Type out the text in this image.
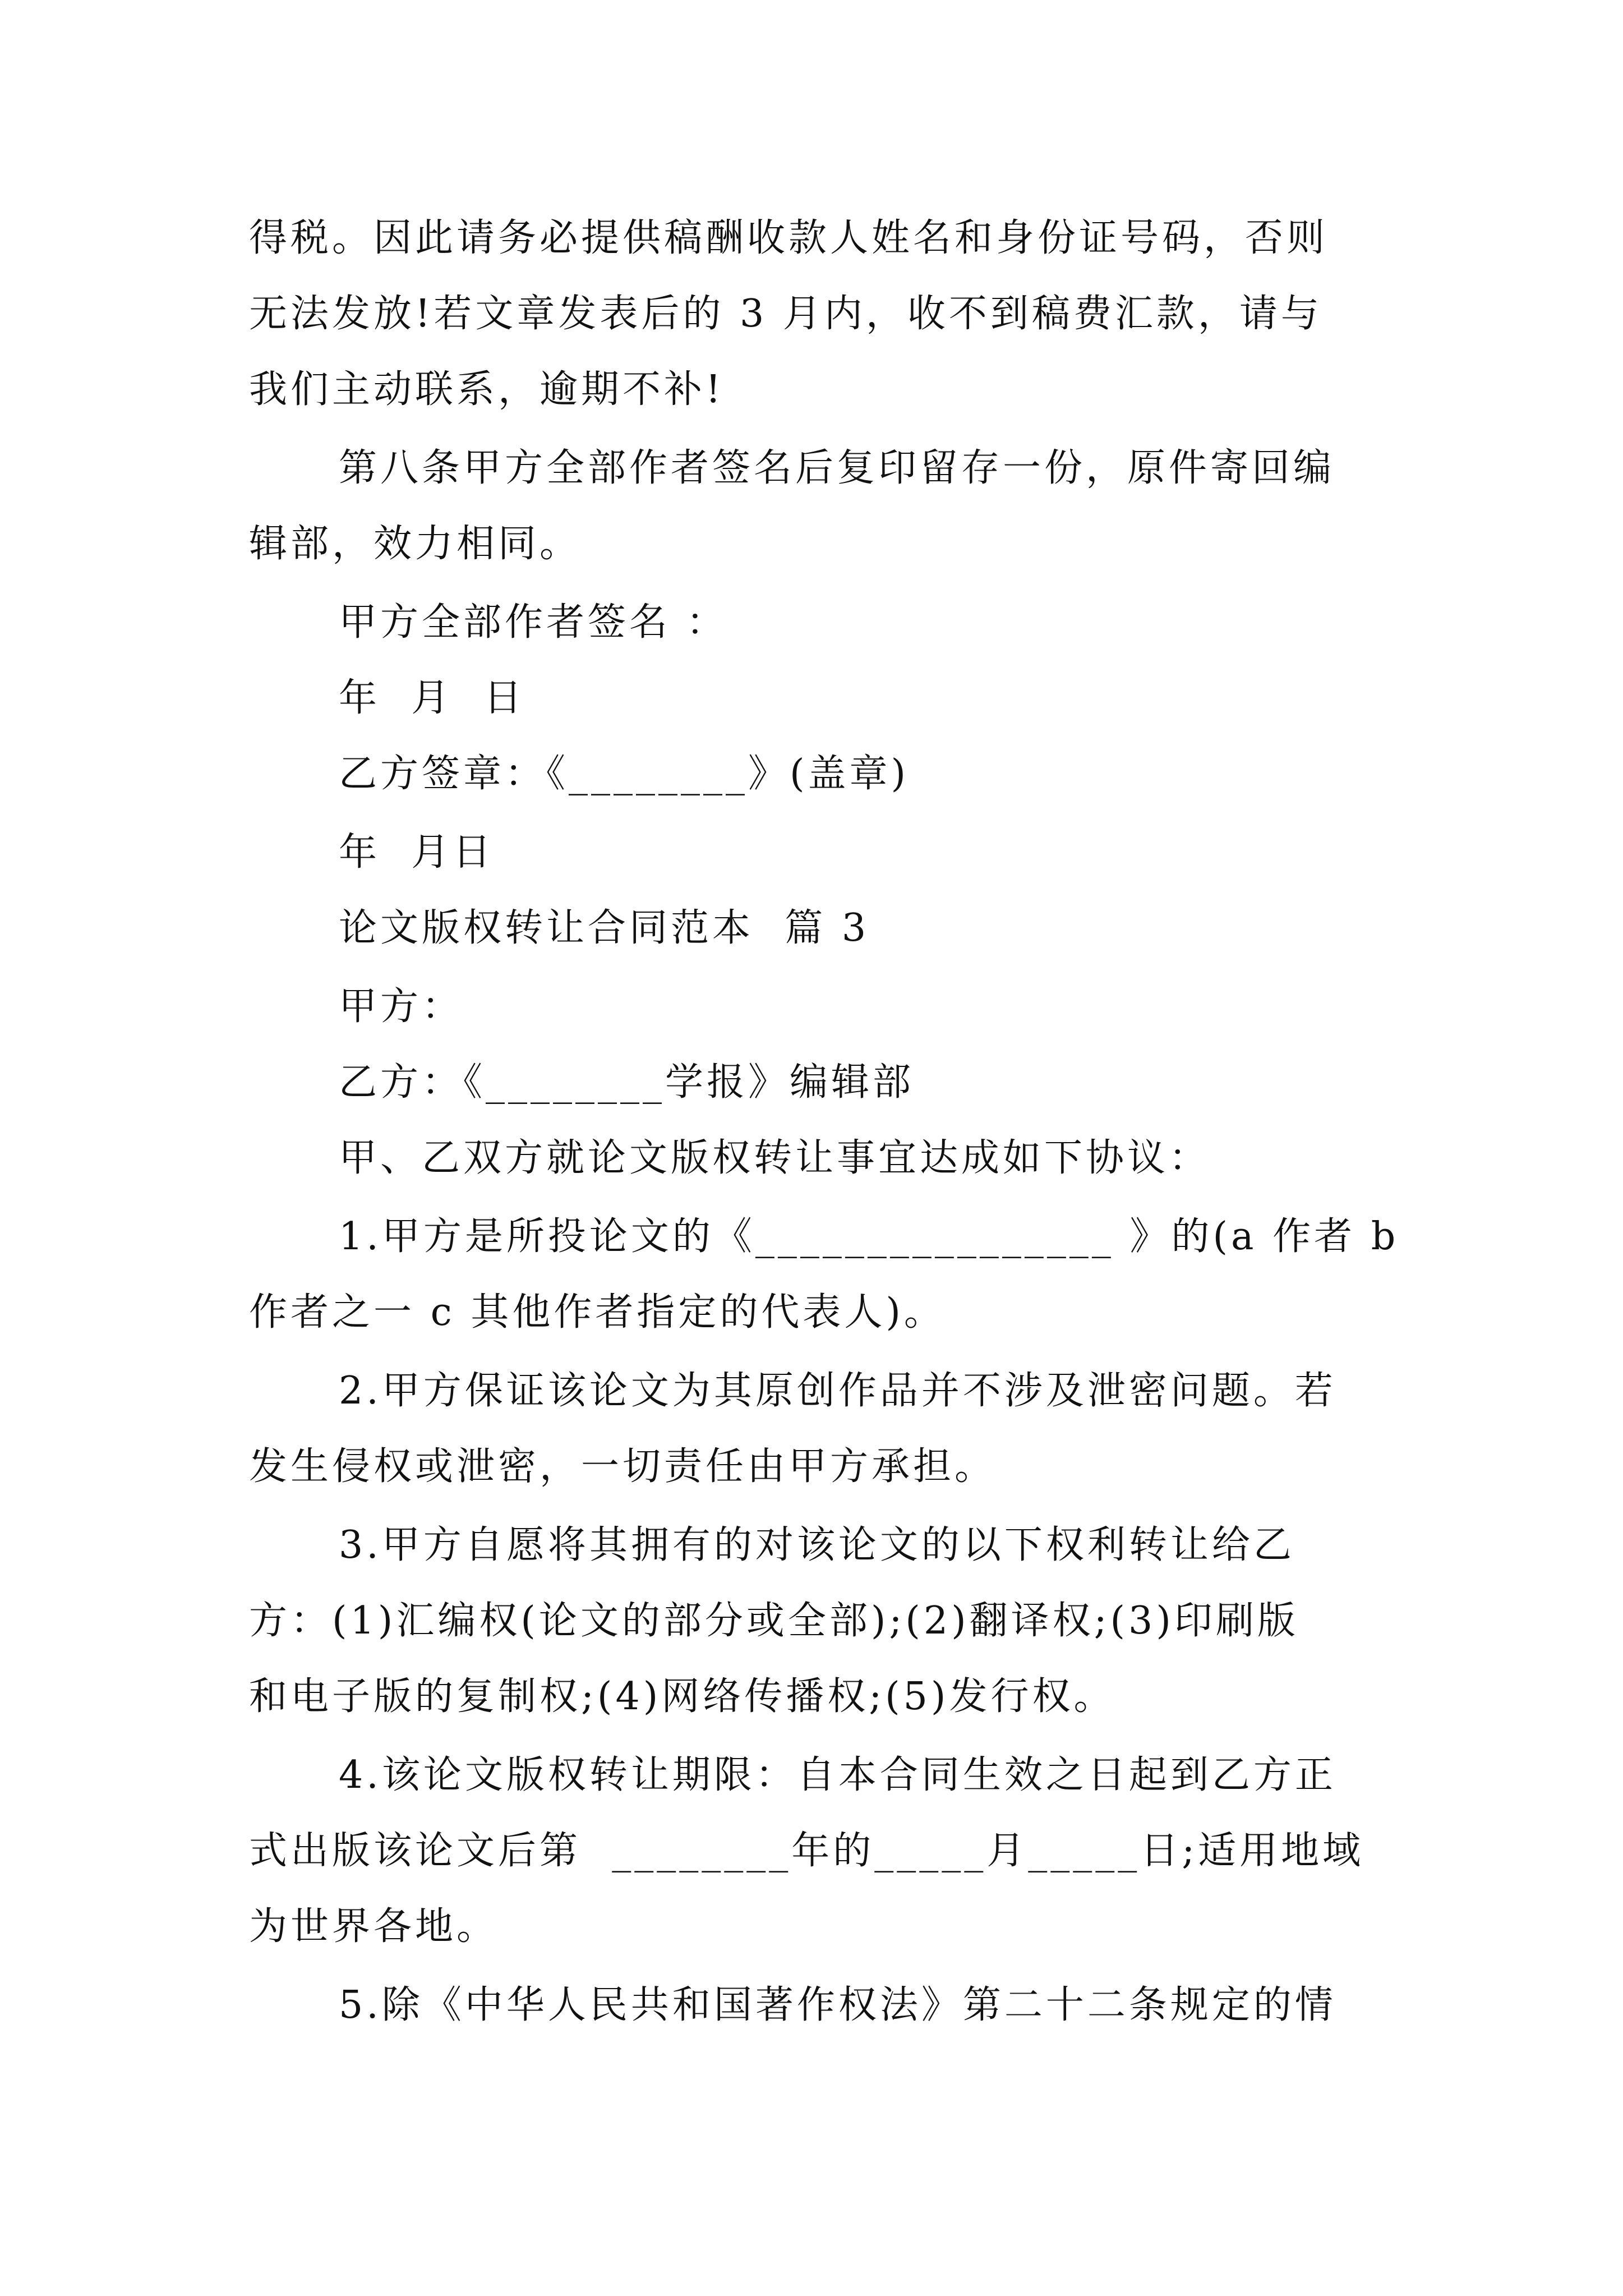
得税。因此请务必提供稿酬收款人姓名和身份证号码，否则

无法发放!若文章发表后的 3 月内，收不到稿费汇款，请与

我们主动联系，逾期不补!

第八条甲方全部作者签名后复印留存一份，原件寄回编

辑部，效力相同。

甲方全部作者签名 ：

年  月  日

乙方签章：《________》(盖章)

年  月日

论文版权转让合同范本  篇 3

甲方：

乙方：《________学报》编辑部

甲、乙双方就论文版权转让事宜达成如下协议：

1.甲方是所投论文的《________________ 》的(a 作者 b

作者之一 c 其他作者指定的代表人)。

2.甲方保证该论文为其原创作品并不涉及泄密问题。若

发生侵权或泄密，一切责任由甲方承担。

3.甲方自愿将其拥有的对该论文的以下权利转让给乙

方：(1)汇编权(论文的部分或全部);(2)翻译权;(3)印刷版

和电子版的复制权;(4)网络传播权;(5)发行权。

4.该论文版权转让期限：自本合同生效之日起到乙方正

式出版该论文后第  ________年的_____月_____日;适用地域

为世界各地。

5.除《中华人民共和国著作权法》第二十二条规定的情
